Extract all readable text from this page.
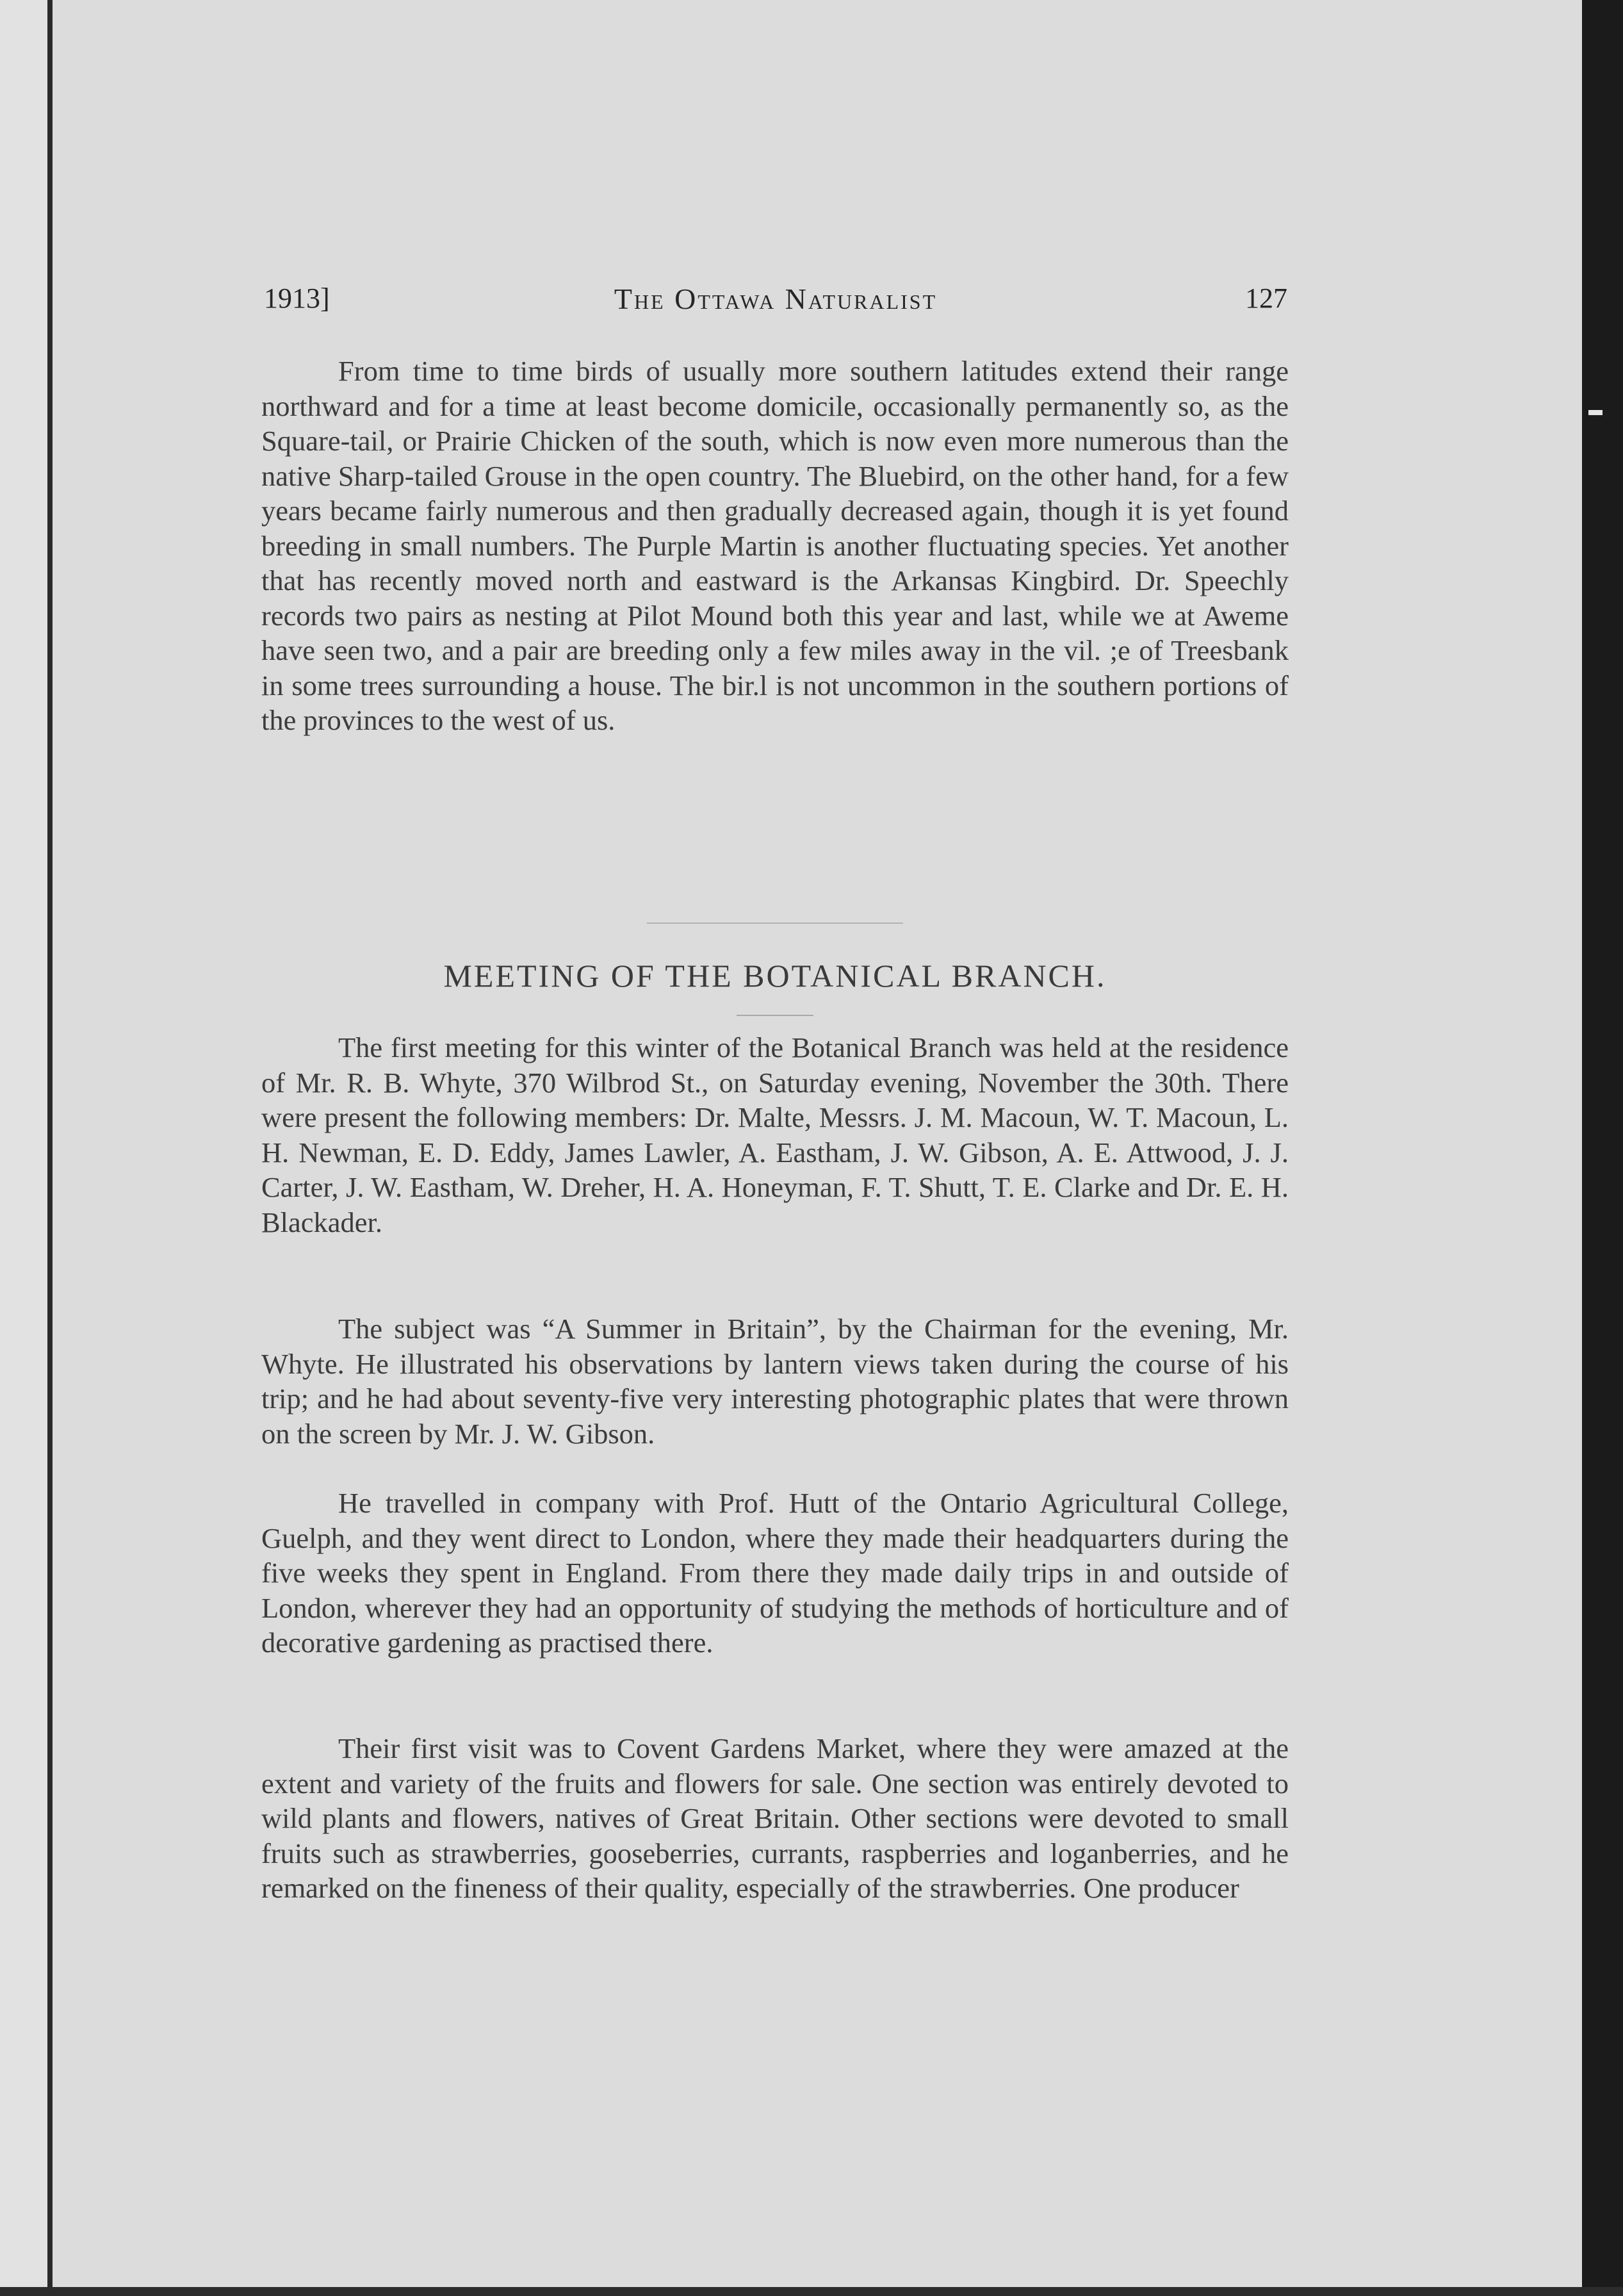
1913]	The Ottawa Naturalist	127

From time to time birds of usually more southern latitudes extend their range northward and for a time at least become domicile, occasionally permanently so, as the Square-tail, or Prairie Chicken of the south, which is now even more numerous than the native Sharp-tailed Grouse in the open country. The Bluebird, on the other hand, for a few years became fairly numerous and then gradually decreased again, though it is yet found breeding in small numbers. The Purple Martin is another fluctuating species. Yet another that has recently moved north and eastward is the Arkansas Kingbird. Dr. Speechly records two pairs as nesting at Pilot Mound both this year and last, while we at Aweme have seen two, and a pair are breeding only a few miles away in the vil. ;e of Treesbank in some trees surrounding a house. The bir.l is not uncommon in the southern portions of the provinces to the west of us.

MEETING OF THE BOTANICAL BRANCH.

The first meeting for this winter of the Botanical Branch was held at the residence of Mr. R. B. Whyte, 370 Wilbrod St., on Saturday evening, November the 30th. There were present the following members: Dr. Malte, Messrs. J. M. Macoun, W. T. Macoun, L. H. Newman, E. D. Eddy, James Lawler, A. Eastham, J. W. Gibson, A. E. Attwood, J. J. Carter, J. W. Eastham, W. Dreher, H. A. Honeyman, F. T. Shutt, T. E. Clarke and Dr. E. H. Blackader.

The subject was “A Summer in Britain”, by the Chairman for the evening, Mr. Whyte. He illustrated his observations by lantern views taken during the course of his trip; and he had about seventy-five very interesting photographic plates that were thrown on the screen by Mr. J. W. Gibson.

He travelled in company with Prof. Hutt of the Ontario Agricultural College, Guelph, and they went direct to London, where they made their headquarters during the five weeks they spent in England. From there they made daily trips in and outside of London, wherever they had an opportunity of studying the methods of horticulture and of decorative gardening as practised there.

Their first visit was to Covent Gardens Market, where they were amazed at the extent and variety of the fruits and flowers for sale. One section was entirely devoted to wild plants and flowers, natives of Great Britain. Other sections were devoted to small fruits such as strawberries, gooseberries, currants, raspberries and loganberries, and he remarked on the fineness of their quality, especially of the strawberries. One producer
